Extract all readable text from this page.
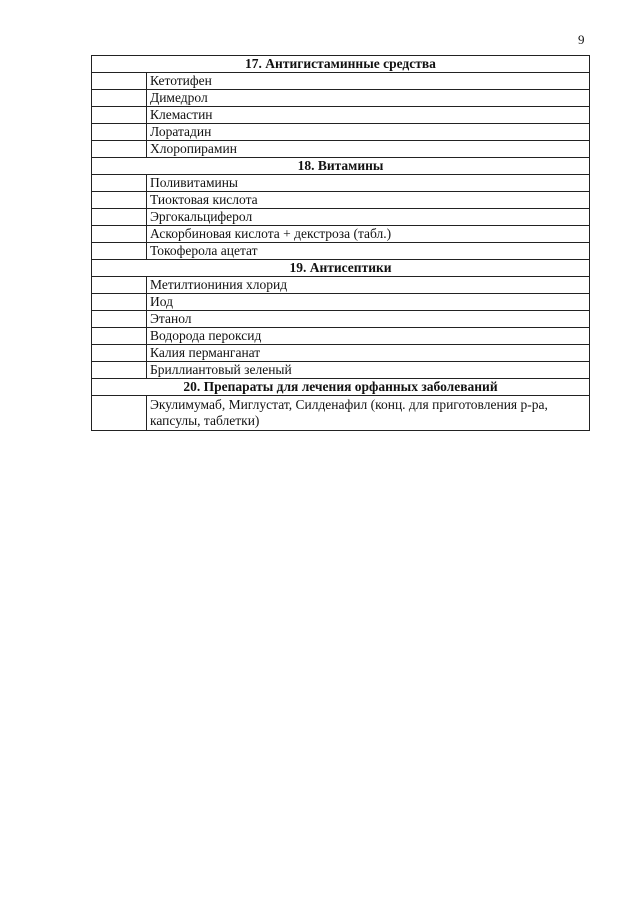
9
17. Антигистаминные средства	
	Кетотифен
	Димедрол
	Клемастин
	Лоратадин
	Хлоропирамин
18. Витамины	
	Поливитамины
	Тиоктовая кислота
	Эргокальциферол
	Аскорбиновая кислота + декстроза (табл.)
	Токоферола ацетат
19. Антисептики	
	Метилтиониния хлорид
	Иод
	Этанол
	Водорода пероксид
	Калия перманганат
	Бриллиантовый зеленый
20. Препараты для лечения орфанных заболеваний	
	Экулимумаб, Миглустат, Силденафил (конц. для приготовления р-ра, капсулы, таблетки)
